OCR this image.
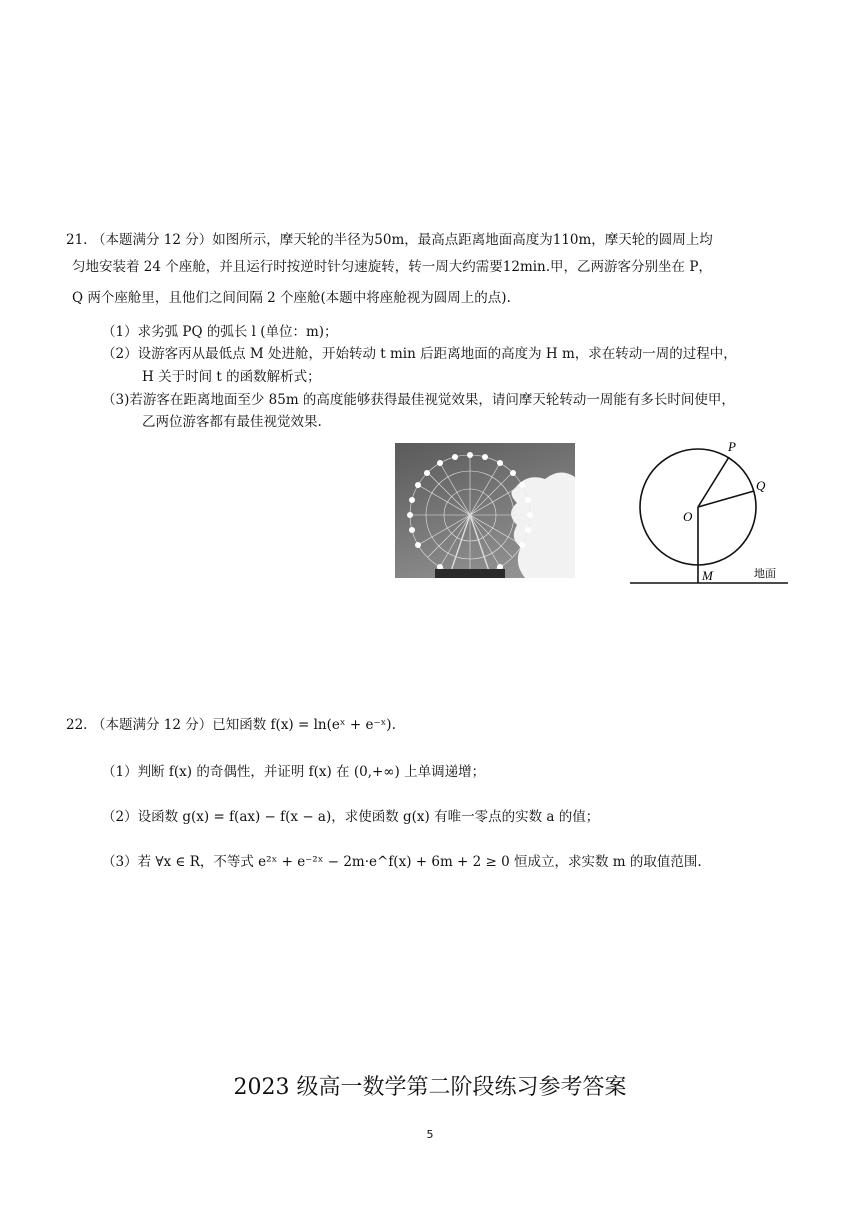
21. （本题满分 12 分）如图所示，摩天轮的半径为50m，最高点距离地面高度为110m，摩天轮的圆周上均
匀地安装着 24 个座舱，并且运行时按逆时针匀速旋转，转一周大约需要12min.甲，乙两游客分别坐在 P，
Q 两个座舱里，且他们之间间隔 2 个座舱(本题中将座舱视为圆周上的点).
（1）求劣弧 PQ 的弧长 l (单位：m)；
（2）设游客丙从最低点 M 处进舱，开始转动 t min 后距离地面的高度为 H m，求在转动一周的过程中，
H 关于时间 t 的函数解析式；
（3)若游客在距离地面至少 85m 的高度能够获得最佳视觉效果，请问摩天轮转动一周能有多长时间使甲，
乙两位游客都有最佳视觉效果.
P
Q
O
M	地面
22. （本题满分 12 分）已知函数 f(x) = ln(eˣ + e⁻ˣ).
（1）判断 f(x) 的奇偶性，并证明 f(x) 在 (0,+∞) 上单调递增；
（2）设函数 g(x) = f(ax) − f(x − a)，求使函数 g(x) 有唯一零点的实数 a 的值；
（3）若 ∀x ∈ R，不等式 e²ˣ + e⁻²ˣ − 2m·e^f(x) + 6m + 2 ≥ 0 恒成立，求实数 m 的取值范围.
2023 级高一数学第二阶段练习参考答案
5
